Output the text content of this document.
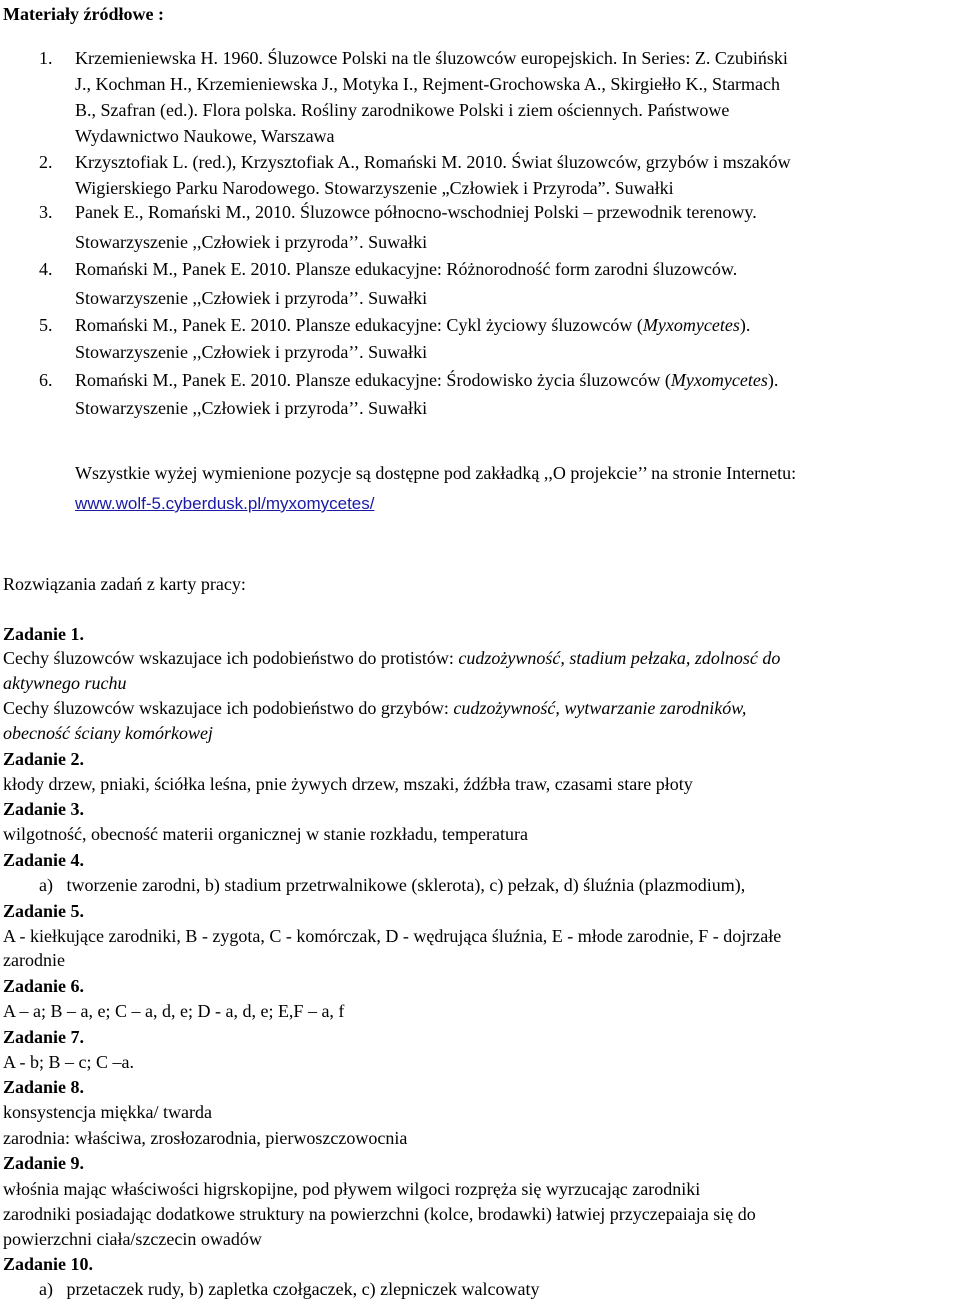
Materiały źródłowe :
1. Krzemieniewska H. 1960. Śluzowce Polski na tle śluzowców europejskich. In Series: Z. Czubiński
J., Kochman H., Krzemieniewska J., Motyka I., Rejment-Grochowska A., Skirgiełło K., Starmach
B., Szafran (ed.). Flora polska. Rośliny zarodnikowe Polski i ziem ościennych. Państwowe
Wydawnictwo Naukowe, Warszawa
2. Krzysztofiak L. (red.), Krzysztofiak A., Romański M. 2010. Świat śluzowców, grzybów i mszaków
Wigierskiego Parku Narodowego. Stowarzyszenie „Człowiek i Przyroda”. Suwałki
3. Panek E., Romański M., 2010. Śluzowce północno-wschodniej Polski – przewodnik terenowy.
Stowarzyszenie ,,Człowiek i przyroda’’. Suwałki
4. Romański M., Panek E. 2010. Plansze edukacyjne: Różnorodność form zarodni śluzowców.
Stowarzyszenie ,,Człowiek i przyroda’’. Suwałki
5. Romański M., Panek E. 2010. Plansze edukacyjne: Cykl życiowy śluzowców (Myxomycetes).
Stowarzyszenie ,,Człowiek i przyroda’’. Suwałki
6. Romański M., Panek E. 2010. Plansze edukacyjne: Środowisko życia śluzowców (Myxomycetes).
Stowarzyszenie ,,Człowiek i przyroda’’. Suwałki
Wszystkie wyżej wymienione pozycje są dostępne pod zakładką ,,O projekcie’’ na stronie Internetu:
www.wolf-5.cyberdusk.pl/myxomycetes/
Rozwiązania zadań z karty pracy:
Zadanie 1.
Cechy śluzowców wskazujace ich podobieństwo do protistów: cudzożywność, stadium pełzaka, zdolnosć do
aktywnego ruchu
Cechy śluzowców wskazujace ich podobieństwo do grzybów: cudzożywność, wytwarzanie zarodników,
obecność ściany komórkowej
Zadanie 2.
kłody drzew, pniaki, ściółka leśna, pnie żywych drzew, mszaki, źdźbła traw, czasami stare płoty
Zadanie 3.
wilgotność, obecność materii organicznej w stanie rozkładu, temperatura
Zadanie 4.
a)   tworzenie zarodni, b) stadium przetrwalnikowe (sklerota), c) pełzak, d) śluźnia (plazmodium),
Zadanie 5.
A - kiełkujące zarodniki, B - zygota, C - komórczak, D - wędrująca śluźnia, E - młode zarodnie, F - dojrzałe
zarodnie
Zadanie 6.
A – a; B – a, e; C – a, d, e; D - a, d, e; E,F – a, f
Zadanie 7.
A - b; B – c; C –a.
Zadanie 8.
konsystencja miękka/ twarda
zarodnia: właściwa, zrosłozarodnia, pierwoszczowocnia
Zadanie 9.
włośnia mając właściwości higrskopijne, pod pływem wilgoci rozpręża się wyrzucając zarodniki
zarodniki posiadając dodatkowe struktury na powierzchni (kolce, brodawki) łatwiej przyczepaiaja się do
powierzchni ciała/szczecin owadów
Zadanie 10.
a)   przetaczek rudy, b) zapletka czołgaczek, c) zlepniczek walcowaty
